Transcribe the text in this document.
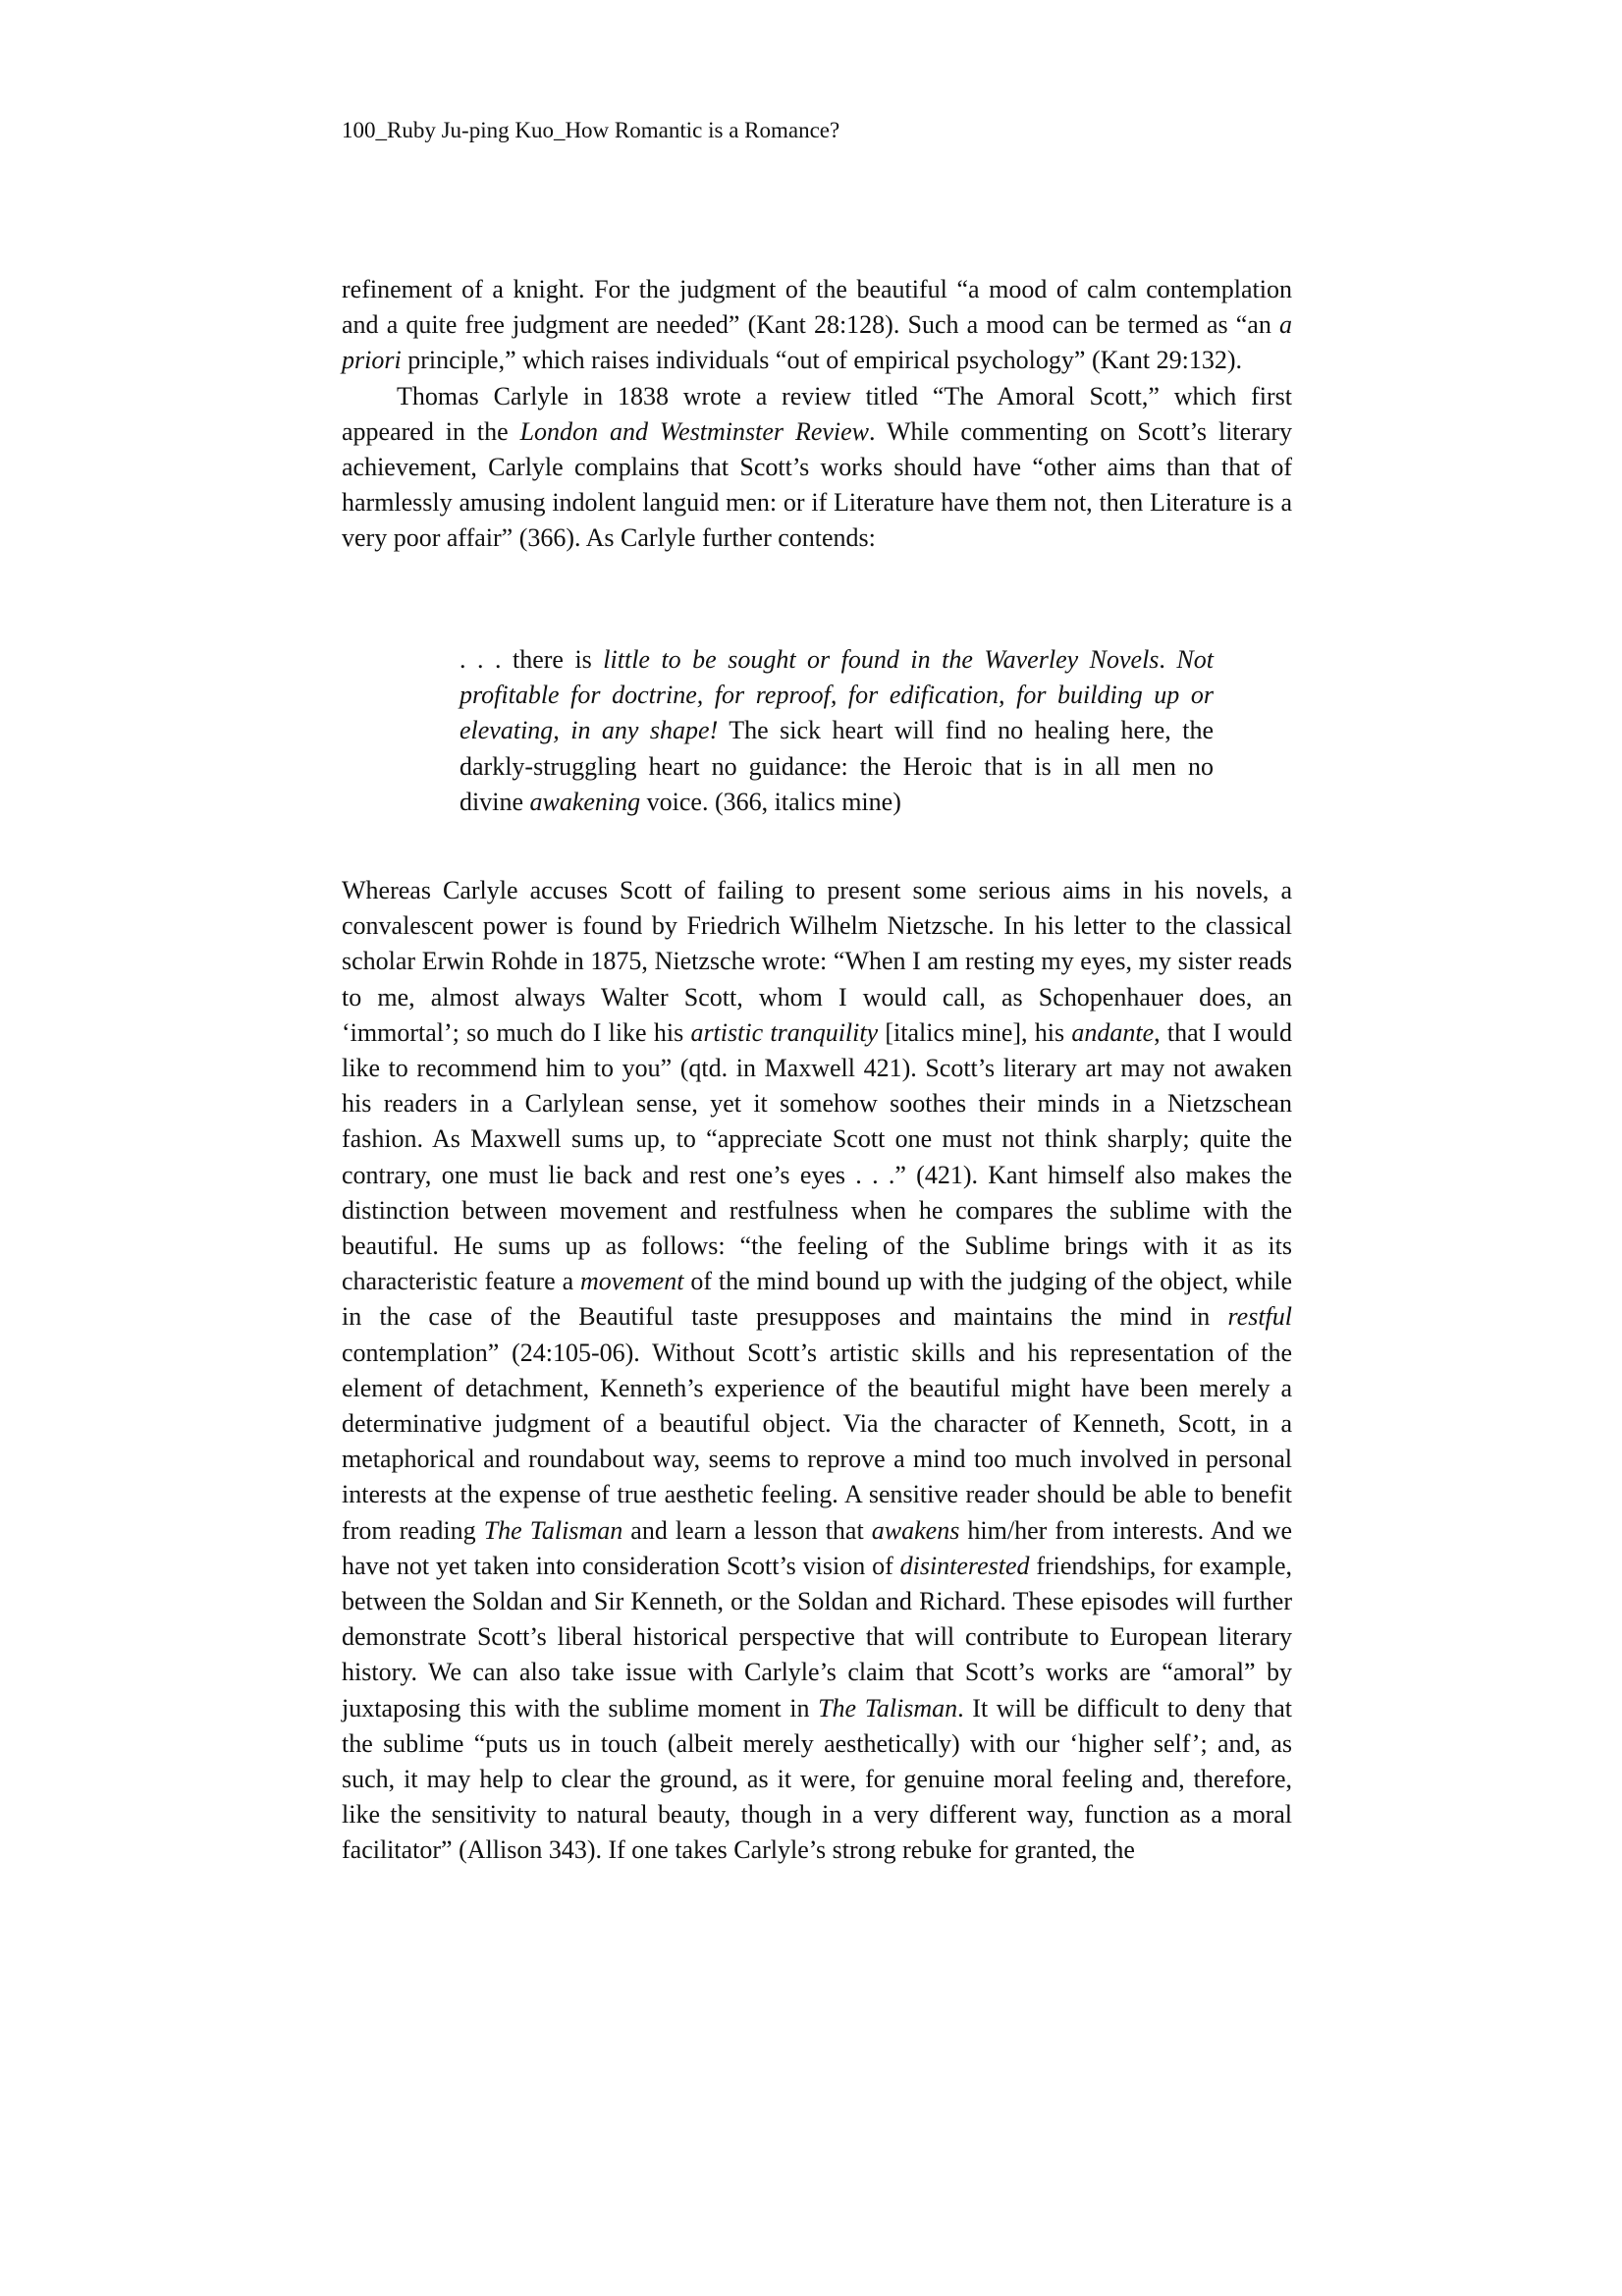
100_Ruby Ju-ping Kuo_How Romantic is a Romance?

refinement of a knight. For the judgment of the beautiful “a mood of calm contemplation and a quite free judgment are needed” (Kant 28:128). Such a mood can be termed as “an a priori principle,” which raises individuals “out of empirical psychology” (Kant 29:132).

Thomas Carlyle in 1838 wrote a review titled “The Amoral Scott,” which first appeared in the London and Westminster Review. While commenting on Scott’s literary achievement, Carlyle complains that Scott’s works should have “other aims than that of harmlessly amusing indolent languid men: or if Literature have them not, then Literature is a very poor affair” (366). As Carlyle further contends:

. . . there is little to be sought or found in the Waverley Novels. Not profitable for doctrine, for reproof, for edification, for building up or elevating, in any shape! The sick heart will find no healing here, the darkly-struggling heart no guidance: the Heroic that is in all men no divine awakening voice. (366, italics mine)

Whereas Carlyle accuses Scott of failing to present some serious aims in his novels, a convalescent power is found by Friedrich Wilhelm Nietzsche. In his letter to the classical scholar Erwin Rohde in 1875, Nietzsche wrote: “When I am resting my eyes, my sister reads to me, almost always Walter Scott, whom I would call, as Schopenhauer does, an ‘immortal’; so much do I like his artistic tranquility [italics mine], his andante, that I would like to recommend him to you” (qtd. in Maxwell 421). Scott’s literary art may not awaken his readers in a Carlylean sense, yet it somehow soothes their minds in a Nietzschean fashion. As Maxwell sums up, to “appreciate Scott one must not think sharply; quite the contrary, one must lie back and rest one’s eyes . . .” (421). Kant himself also makes the distinction between movement and restfulness when he compares the sublime with the beautiful. He sums up as follows: “the feeling of the Sublime brings with it as its characteristic feature a movement of the mind bound up with the judging of the object, while in the case of the Beautiful taste presupposes and maintains the mind in restful contemplation” (24:105-06). Without Scott’s artistic skills and his representation of the element of detachment, Kenneth’s experience of the beautiful might have been merely a determinative judgment of a beautiful object. Via the character of Kenneth, Scott, in a metaphorical and roundabout way, seems to reprove a mind too much involved in personal interests at the expense of true aesthetic feeling. A sensitive reader should be able to benefit from reading The Talisman and learn a lesson that awakens him/her from interests. And we have not yet taken into consideration Scott’s vision of disinterested friendships, for example, between the Soldan and Sir Kenneth, or the Soldan and Richard. These episodes will further demonstrate Scott’s liberal historical perspective that will contribute to European literary history. We can also take issue with Carlyle’s claim that Scott’s works are “amoral” by juxtaposing this with the sublime moment in The Talisman. It will be difficult to deny that the sublime “puts us in touch (albeit merely aesthetically) with our ‘higher self’; and, as such, it may help to clear the ground, as it were, for genuine moral feeling and, therefore, like the sensitivity to natural beauty, though in a very different way, function as a moral facilitator” (Allison 343). If one takes Carlyle’s strong rebuke for granted, the
